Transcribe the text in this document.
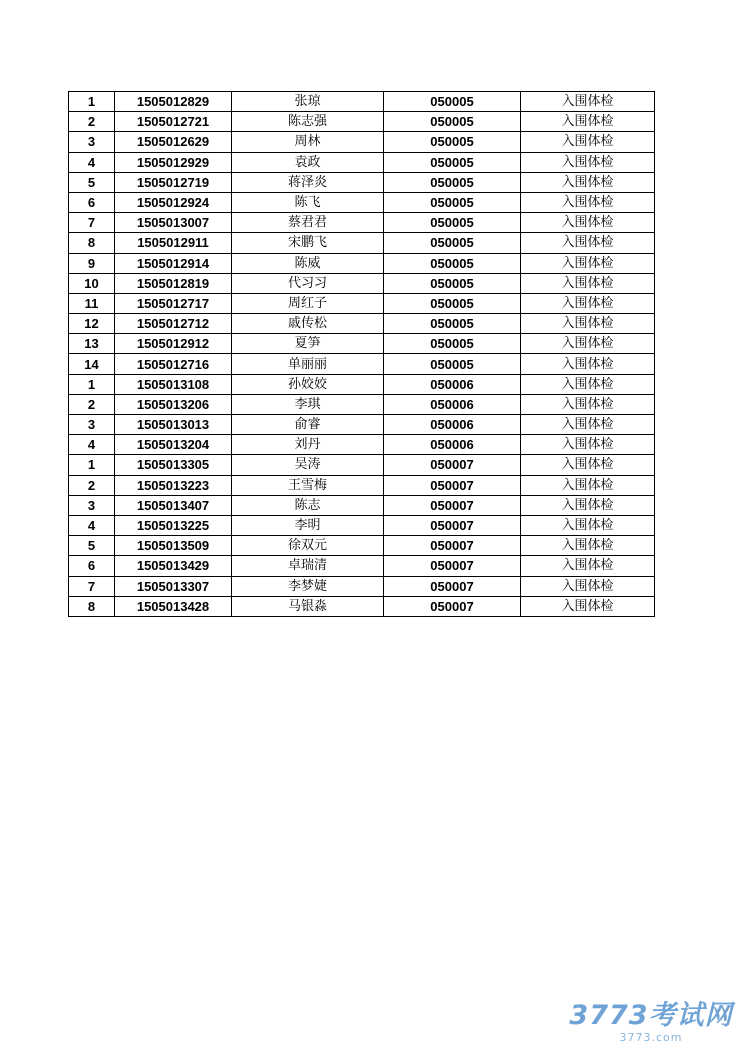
1	1505012829	张琼	050005	入围体检
2	1505012721	陈志强	050005	入围体检
3	1505012629	周林	050005	入围体检
4	1505012929	袁政	050005	入围体检
5	1505012719	蒋泽炎	050005	入围体检
6	1505012924	陈飞	050005	入围体检
7	1505013007	蔡君君	050005	入围体检
8	1505012911	宋鹏飞	050005	入围体检
9	1505012914	陈威	050005	入围体检
10	1505012819	代习习	050005	入围体检
11	1505012717	周红子	050005	入围体检
12	1505012712	戚传松	050005	入围体检
13	1505012912	夏笋	050005	入围体检
14	1505012716	单丽丽	050005	入围体检
1	1505013108	孙姣姣	050006	入围体检
2	1505013206	李琪	050006	入围体检
3	1505013013	俞睿	050006	入围体检
4	1505013204	刘丹	050006	入围体检
1	1505013305	吴涛	050007	入围体检
2	1505013223	王雪梅	050007	入围体检
3	1505013407	陈志	050007	入围体检
4	1505013225	李明	050007	入围体检
5	1505013509	徐双元	050007	入围体检
6	1505013429	卓瑞清	050007	入围体检
7	1505013307	李梦婕	050007	入围体检
8	1505013428	马银淼	050007	入围体检
3773考试网
3773.com
